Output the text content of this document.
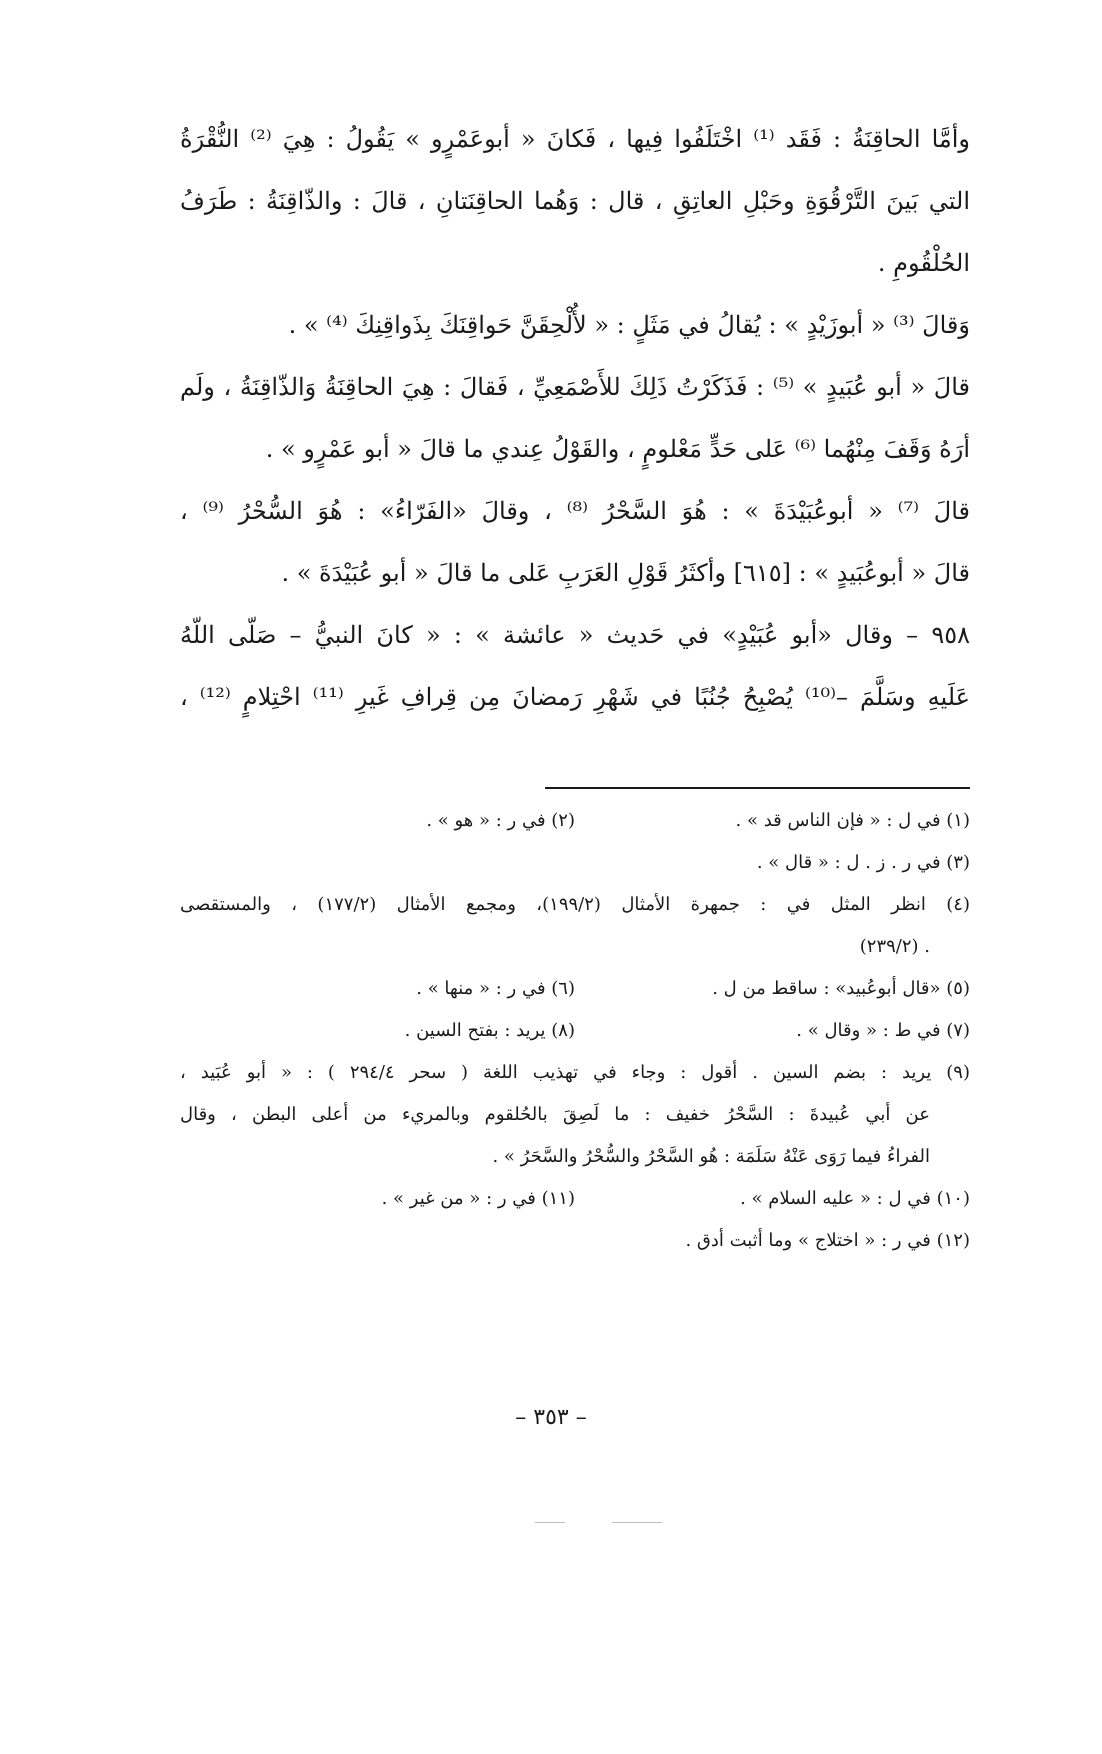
وأمَّا الحاقِنَةُ : فَقَد ⁽¹⁾ اخْتَلَفُوا فِيها ، فَكانَ « أبوعَمْرٍو » يَقُولُ : هِيَ ⁽²⁾ النُّقْرَةُ
التي بَينَ التَّرْقُوَةِ وحَبْلِ العاتِقِ ، قال : وَهُما الحاقِنَتانِ ، قالَ : والذّاقِنَةُ : طَرَفُ
الحُلْقُومِ .
وَقالَ ⁽³⁾ « أبوزَيْدٍ » : يُقالُ في مَثَلٍ : « لأُلْحِقَنَّ حَواقِنَكَ بِذَواقِنِكَ ⁽⁴⁾ » .
قالَ « أبو عُبَيدٍ » ⁽⁵⁾ : فَذَكَرْتُ ذَلِكَ للأَصْمَعِيِّ ، فَقالَ : هِيَ الحاقِنَةُ وَالذّاقِنَةُ ، ولَم
أرَهُ وَقَفَ مِنْهُما ⁽⁶⁾ عَلى حَدٍّ مَعْلومٍ ، والقَوْلُ عِندي ما قالَ « أبو عَمْرٍو » .
قالَ ⁽⁷⁾ « أبوعُبَيْدَةَ » : هُوَ السَّحْرُ ⁽⁸⁾ ، وقالَ «الفَرّاءُ» : هُوَ السُّحْرُ ⁽⁹⁾ ،
قالَ « أبوعُبَيدٍ » : [٦١٥] وأكثَرُ قَوْلِ العَرَبِ عَلى ما قالَ « أبو عُبَيْدَةَ » .
٩٥٨ – وقال «أبو عُبَيْدٍ» في حَديث « عائشة » : « كانَ النبيُّ – صَلّى اللّهُ
عَلَيهِ وسَلَّمَ –⁽¹⁰⁾ يُصْبِحُ جُنُبًا في شَهْرِ رَمضانَ مِن قِرافِ غَيرِ ⁽¹¹⁾ احْتِلامٍ ⁽¹²⁾ ،
(١) في ل : « فإن الناس قد » .
(٢) في ر : « هو » .
(٣) في ر . ز . ل : « قال » .
(٤) انظر المثل في : جمهرة الأمثال (١٩٩/٢)، ومجمع الأمثال (١٧٧/٢) ، والمستقصى
. (٢٣٩/٢)
(٥) «قال أبوعُبيد» : ساقط من ل .
(٦) في ر : « منها » .
(٧) في ط : « وقال » .
(٨) يريد : بفتح السين .
(٩) يريد : بضم السين . أقول : وجاء في تهذيب اللغة ( سحر ٢٩٤/٤ ) : « أبو عُبَيد ،
عن أبي عُبيدةَ : السَّحْرُ خفيف : ما لَصِقَ بالحُلقوم وبالمريء من أعلى البطن ، وقال
الفراءُ فيما رَوَى عَنْهُ سَلَمَة : هُو السَّحْرُ والسُّحْرُ والسَّحَرُ » .
(١٠) في ل : « عليه السلام » .
(١١) في ر : « من غير » .
(١٢) في ر : « اختلاج » وما أثبت أدق .
– ٣٥٣ –
